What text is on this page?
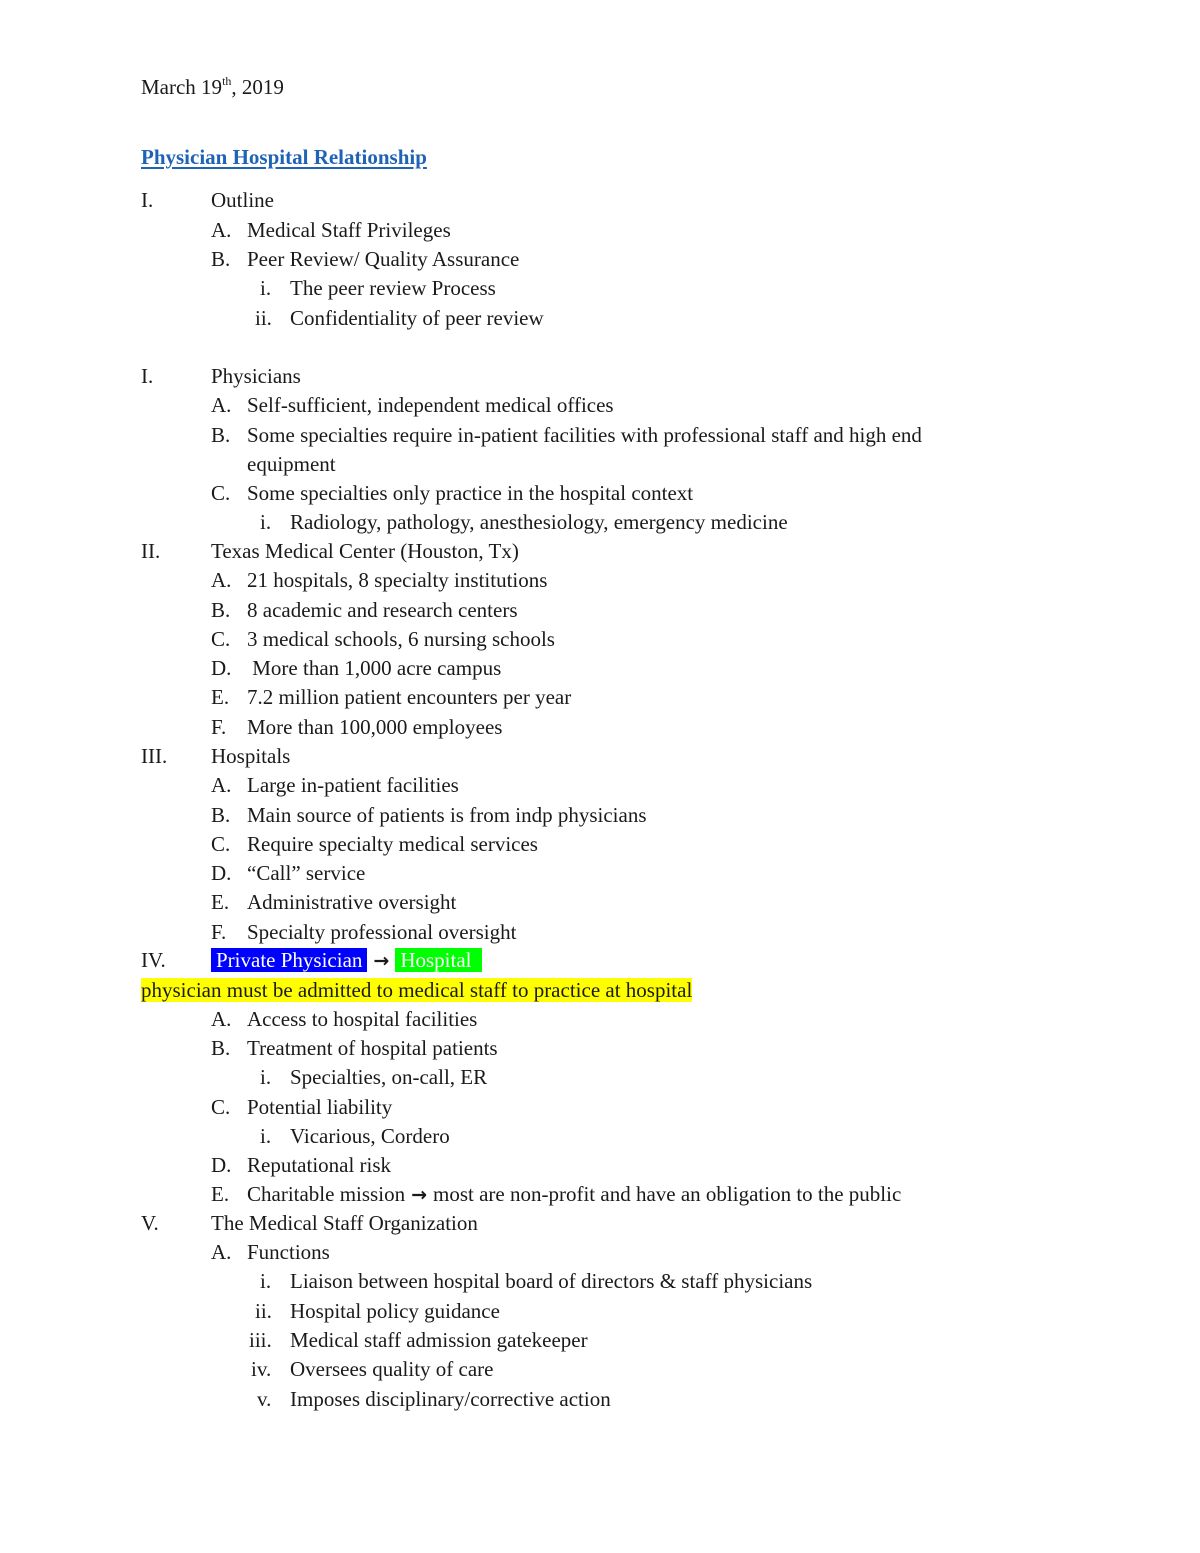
March 19th, 2019
Physician Hospital Relationship
I.	Outline
A. Medical Staff Privileges
B. Peer Review/ Quality Assurance
i. The peer review Process
ii. Confidentiality of peer review
I.	Physicians
A. Self-sufficient, independent medical offices
B. Some specialties require in-patient facilities with professional staff and high end
equipment
C. Some specialties only practice in the hospital context
i. Radiology, pathology, anesthesiology, emergency medicine
II. Texas Medical Center (Houston, Tx)
A. 21 hospitals, 8 specialty institutions
B. 8 academic and research centers
C. 3 medical schools, 6 nursing schools
D. More than 1,000 acre campus
E. 7.2 million patient encounters per year
F. More than 100,000 employees
III. Hospitals
A. Large in-patient facilities
B. Main source of patients is from indp physicians
C. Require specialty medical services
D. “Call” service
E. Administrative oversight
F. Specialty professional oversight
IV. Private Physician → Hospital
physician must be admitted to medical staff to practice at hospital
A. Access to hospital facilities
B. Treatment of hospital patients
i. Specialties, on-call, ER
C. Potential liability
i. Vicarious, Cordero
D. Reputational risk
E. Charitable mission → most are non-profit and have an obligation to the public
V. The Medical Staff Organization
A. Functions
i. Liaison between hospital board of directors & staff physicians
ii. Hospital policy guidance
iii. Medical staff admission gatekeeper
iv. Oversees quality of care
v. Imposes disciplinary/corrective action
